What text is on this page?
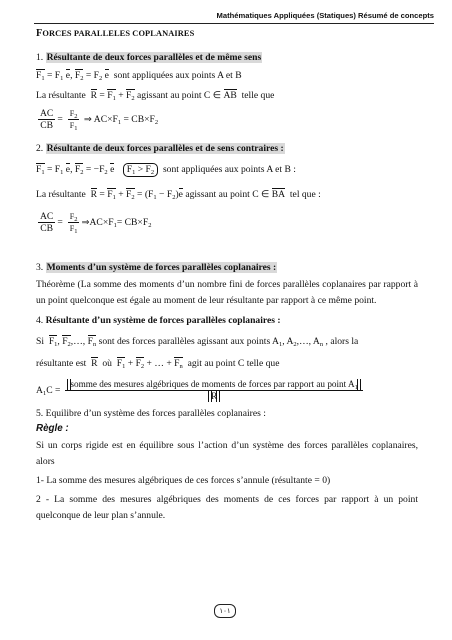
Mathématiques Appliquées (Statiques) Résumé de concepts
FORCES PARALLELES COPLANAIRES
1. Résultante de deux forces parallèles et de même sens
$F_1 = F_1$ e, $F_2 = F_2$ e sont appliquées aux points A et B
La résultante $R = F_1 + F_2$ agissant au point C ∈ AB telle que
$\frac{AC}{CB} = \frac{F_2}{F_1}$ ⇒ $AC\times F_1 = CB\times F_2$
2. Résultante de deux forces parallèles et de sens contraires :
$F_1 = F_1$ e, $F_2 = -F_2$ e $F_1 > F_2$ sont appliquées aux points A et B :
La résultante $R = F_1 + F_2 = (F_1 - F_2)e$ agissant au point C ∈ BA tel que :
$\frac{AC}{CB} = \frac{F_2}{F_1}$ $\Rightarrow AC\times F_1= CB\times F_2$
3. Moments d’un système de forces parallèles coplanaires :
Théorème (La somme des moments d’un nombre fini de forces parallèles coplanaires par rapport à un point quelconque est égale au moment de leur résultante par rapport à ce même point.
4. Résultante d’un système de forces parallèles coplanaires :
Si $F_1$, $F_2,\dots$, $F_n$ sont des forces parallèles agissant aux points $A_1$, $A_2,\dots$, $A_n$ , alors la
résultante est R où $F_1 + F_2$ + … + $F_n$ agit au point C telle que
$A_1C$ =
somme des mesures algébriques de moments de forces par rapport au point $A_1$
R
5. Equilibre d’un système des forces parallèles coplanaires :
Règle :
Si un corps rigide est en équilibre sous l’action d’un système des forces parallèles coplanaires, alors
1- La somme des mesures algébriques de ces forces s’annule (résultante = 0)
2 - La somme des mesures algébriques des moments de ces forces par rapport à un point quelconque de leur plan s’annule.
١٠١
